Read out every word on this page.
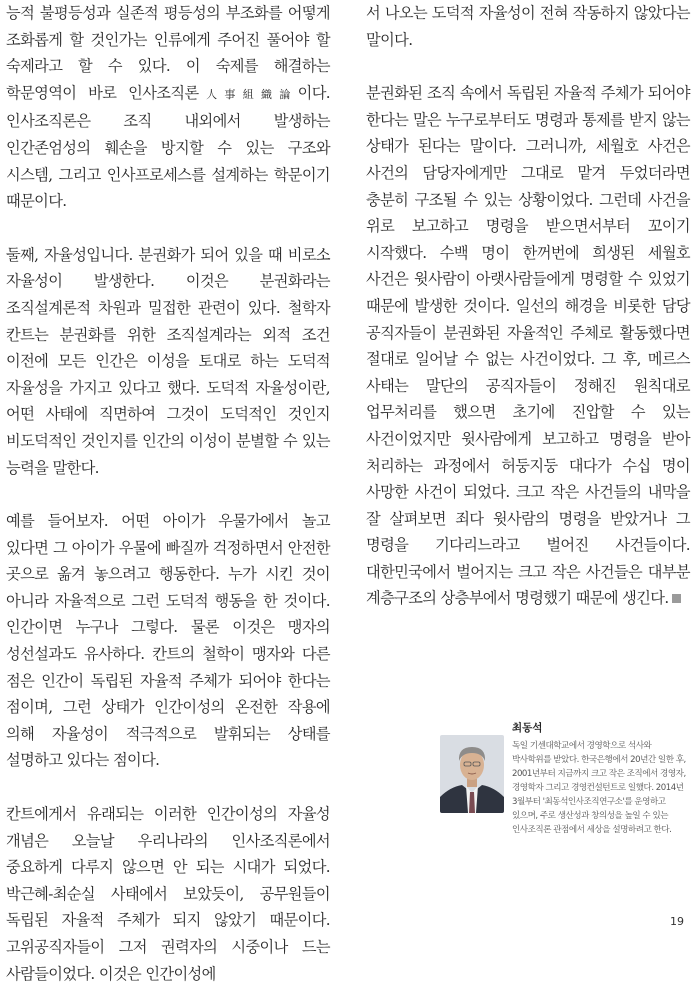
능적 불평등성과 실존적 평등성의 부조화를 어떻게 조화롭게 할 것인가는 인류에게 주어진 풀어야 할 숙제라고 할 수 있다. 이 숙제를 해결하는 학문영역이 바로 인사조직론人事組織論이다. 인사조직론은 조직 내외에서 발생하는 인간존엄성의 훼손을 방지할 수 있는 구조와 시스템, 그리고 인사프로세스를 설계하는 학문이기 때문이다.

둘째, 자율성입니다. 분권화가 되어 있을 때 비로소 자율성이 발생한다. 이것은 분권화라는 조직설계론적 차원과 밀접한 관련이 있다. 철학자 칸트는 분권화를 위한 조직설계라는 외적 조건 이전에 모든 인간은 이성을 토대로 하는 도덕적 자율성을 가지고 있다고 했다. 도덕적 자율성이란, 어떤 사태에 직면하여 그것이 도덕적인 것인지 비도덕적인 것인지를 인간의 이성이 분별할 수 있는 능력을 말한다.

예를 들어보자. 어떤 아이가 우물가에서 놀고 있다면 그 아이가 우물에 빠질까 걱정하면서 안전한 곳으로 옮겨 놓으려고 행동한다. 누가 시킨 것이 아니라 자율적으로 그런 도덕적 행동을 한 것이다. 인간이면 누구나 그렇다. 물론 이것은 맹자의 성선설과도 유사하다. 칸트의 철학이 맹자와 다른 점은 인간이 독립된 자율적 주체가 되어야 한다는 점이며, 그런 상태가 인간이성의 온전한 작용에 의해 자율성이 적극적으로 발휘되는 상태를 설명하고 있다는 점이다.

칸트에게서 유래되는 이러한 인간이성의 자율성 개념은 오늘날 우리나라의 인사조직론에서 중요하게 다루지 않으면 안 되는 시대가 되었다. 박근혜-최순실 사태에서 보았듯이, 공무원들이 독립된 자율적 주체가 되지 않았기 때문이다. 고위공직자들이 그저 권력자의 시중이나 드는 사람들이었다. 이것은 인간이성에

서 나오는 도덕적 자율성이 전혀 작동하지 않았다는 말이다.

분권화된 조직 속에서 독립된 자율적 주체가 되어야 한다는 말은 누구로부터도 명령과 통제를 받지 않는 상태가 된다는 말이다. 그러니까, 세월호 사건은 사건의 담당자에게만 그대로 맡겨 두었더라면 충분히 구조될 수 있는 상황이었다. 그런데 사건을 위로 보고하고 명령을 받으면서부터 꼬이기 시작했다. 수백 명이 한꺼번에 희생된 세월호 사건은 윗사람이 아랫사람들에게 명령할 수 있었기 때문에 발생한 것이다. 일선의 해경을 비롯한 담당 공직자들이 분권화된 자율적인 주체로 활동했다면 절대로 일어날 수 없는 사건이었다. 그 후, 메르스 사태는 말단의 공직자들이 정해진 원칙대로 업무처리를 했으면 초기에 진압할 수 있는 사건이었지만 윗사람에게 보고하고 명령을 받아 처리하는 과정에서 허둥지둥 대다가 수십 명이 사망한 사건이 되었다. 크고 작은 사건들의 내막을 잘 살펴보면 죄다 윗사람의 명령을 받았거나 그 명령을 기다리느라고 벌어진 사건들이다. 대한민국에서 벌어지는 크고 작은 사건들은 대부분 계층구조의 상층부에서 명령했기 때문에 생긴다.

최동석

독일 기센대학교에서 경영학으로 석사와 박사학위를 받았다. 한국은행에서 20년간 일한 후, 2001년부터 지금까지 크고 작은 조직에서 경영자, 경영학자 그리고 경영컨설턴트로 일했다. 2014년 3월부터 '최동석인사조직연구소'를 운영하고 있으며, 주로 생산성과 창의성을 높일 수 있는 인사조직론 관점에서 세상을 설명하려고 한다.

19
